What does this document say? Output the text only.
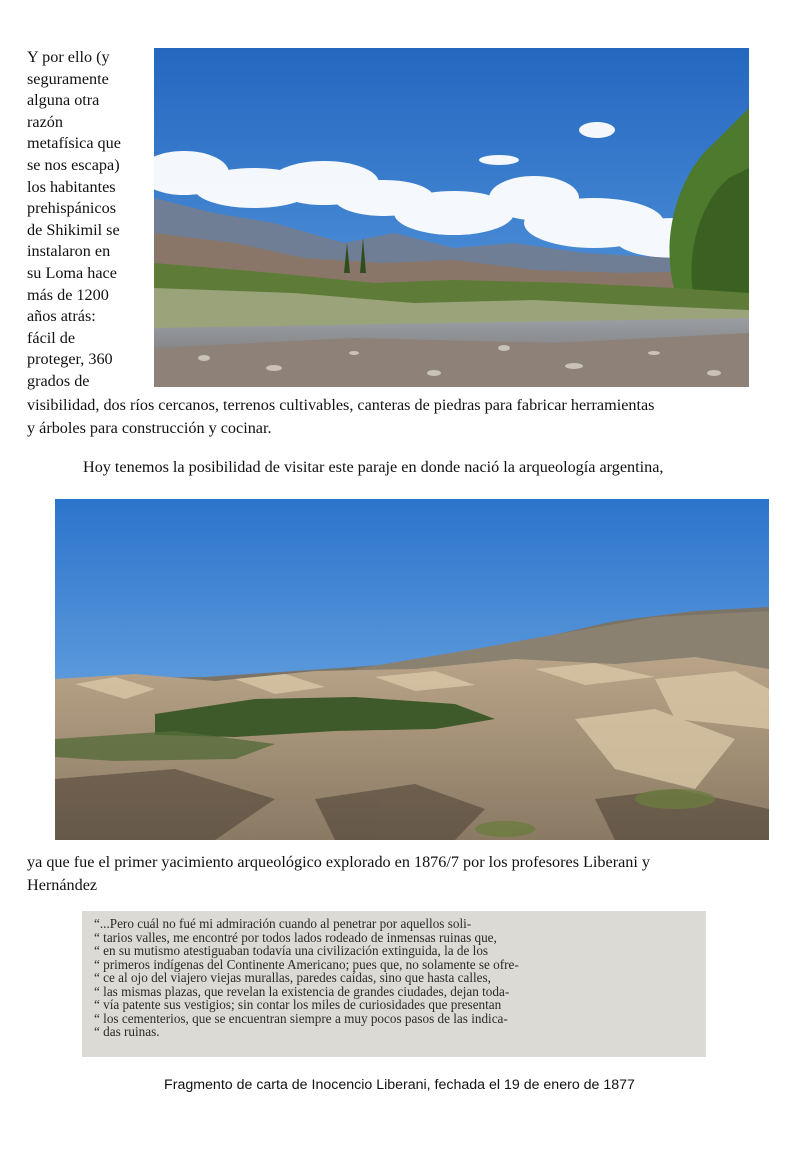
Y por ello (y
seguramente
alguna otra
razón
metafísica que
se nos escapa)
los habitantes
prehispánicos
de Shikimil se
instalaron en
su Loma hace
más de 1200
años atrás:
fácil de
proteger, 360
grados de
visibilidad, dos ríos cercanos, terrenos cultivables, canteras de piedras para fabricar herramientas
y árboles para construcción y cocinar.
Hoy tenemos la posibilidad de visitar este paraje en donde nació la arqueología argentina,
ya que fue el primer yacimiento arqueológico explorado en 1876/7 por los profesores Liberani y
Hernández
“...Pero cuál no fué mi admiración cuando al penetrar por aquellos soli-
“ tarios valles, me encontré por todos lados rodeado de inmensas ruinas que,
“ en su mutismo atestiguaban todavía una civilización extinguida, la de los
“ primeros indígenas del Continente Americano; pues que, no solamente se ofre-
“ ce al ojo del viajero viejas murallas, paredes caídas, sino que hasta calles,
“ las mismas plazas, que revelan la existencia de grandes ciudades, dejan toda-
“ vía patente sus vestigios; sin contar los miles de curiosidades que presentan
“ los cementerios, que se encuentran siempre a muy pocos pasos de las indica-
“ das ruinas.
Fragmento de carta de Inocencio Liberani, fechada el 19 de enero de 1877
